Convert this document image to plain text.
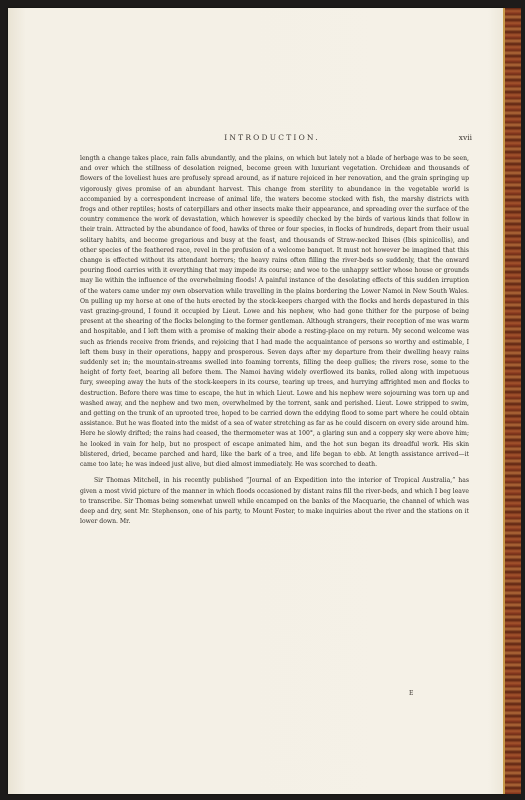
INTRODUCTION.	xvii

length a change takes place, rain falls abundantly, and the plains, on which but lately not a blade of herbage was to be seen, and over which the stillness of desolation reigned, become green with luxuriant vegetation. Orchideæ and thousands of flowers of the loveliest hues are profusely spread around, as if nature rejoiced in her renovation, and the grain springing up vigorously gives promise of an abundant harvest. This change from sterility to abundance in the vegetable world is accompanied by a correspondent increase of animal life, the waters become stocked with fish, the marshy districts with frogs and other reptiles; hosts of caterpillars and other insects make their appearance, and spreading over the surface of the country commence the work of devastation, which however is speedily checked by the birds of various kinds that follow in their train. Attracted by the abundance of food, hawks of three or four species, in flocks of hundreds, depart from their usual solitary habits, and become gregarious and busy at the feast, and thousands of Straw-necked Ibises (Ibis spinicollis), and other species of the feathered race, revel in the profusion of a welcome banquet. It must not however be imagined that this change is effected without its attendant horrors; the heavy rains often filling the river-beds so suddenly, that the onward pouring flood carries with it everything that may impede its course; and woe to the unhappy settler whose house or grounds may lie within the influence of the overwhelming floods! A painful instance of the desolating effects of this sudden irruption of the waters came under my own observation while travelling in the plains bordering the Lower Namoi in New South Wales. On pulling up my horse at one of the huts erected by the stock-keepers charged with the flocks and herds depastured in this vast grazing-ground, I found it occupied by Lieut. Lowe and his nephew, who had gone thither for the purpose of being present at the shearing of the flocks belonging to the former gentleman. Although strangers, their reception of me was warm and hospitable, and I left them with a promise of making their abode a resting-place on my return. My second welcome was such as friends receive from friends, and rejoicing that I had made the acquaintance of persons so worthy and estimable, I left them busy in their operations, happy and prosperous. Seven days after my departure from their dwelling heavy rains suddenly set in; the mountain-streams swelled into foaming torrents, filling the deep gullies; the rivers rose, some to the height of forty feet, bearing all before them. The Namoi having widely overflowed its banks, rolled along with impetuous fury, sweeping away the huts of the stock-keepers in its course, tearing up trees, and hurrying affrighted men and flocks to destruction. Before there was time to escape, the hut in which Lieut. Lowe and his nephew were sojourning was torn up and washed away, and the nephew and two men, overwhelmed by the torrent, sank and perished. Lieut. Lowe stripped to swim, and getting on the trunk of an uprooted tree, hoped to be carried down the eddying flood to some part where he could obtain assistance. But he was floated into the midst of a sea of water stretching as far as he could discern on every side around him. Here he slowly drifted; the rains had ceased, the thermometer was at 100°, a glaring sun and a coppery sky were above him; he looked in vain for help, but no prospect of escape animated him, and the hot sun began its dreadful work. His skin blistered, dried, became parched and hard, like the bark of a tree, and life began to ebb. At length assistance arrived—it came too late; he was indeed just alive, but died almost immediately. He was scorched to death.

Sir Thomas Mitchell, in his recently published “Journal of an Expedition into the interior of Tropical Australia,” has given a most vivid picture of the manner in which floods occasioned by distant rains fill the river-beds, and which I beg leave to transcribe. Sir Thomas being somewhat unwell while encamped on the banks of the Macquarie, the channel of which was deep and dry, sent Mr. Stephenson, one of his party, to Mount Foster, to make inquiries about the river and the stations on it lower down. Mr.

E
